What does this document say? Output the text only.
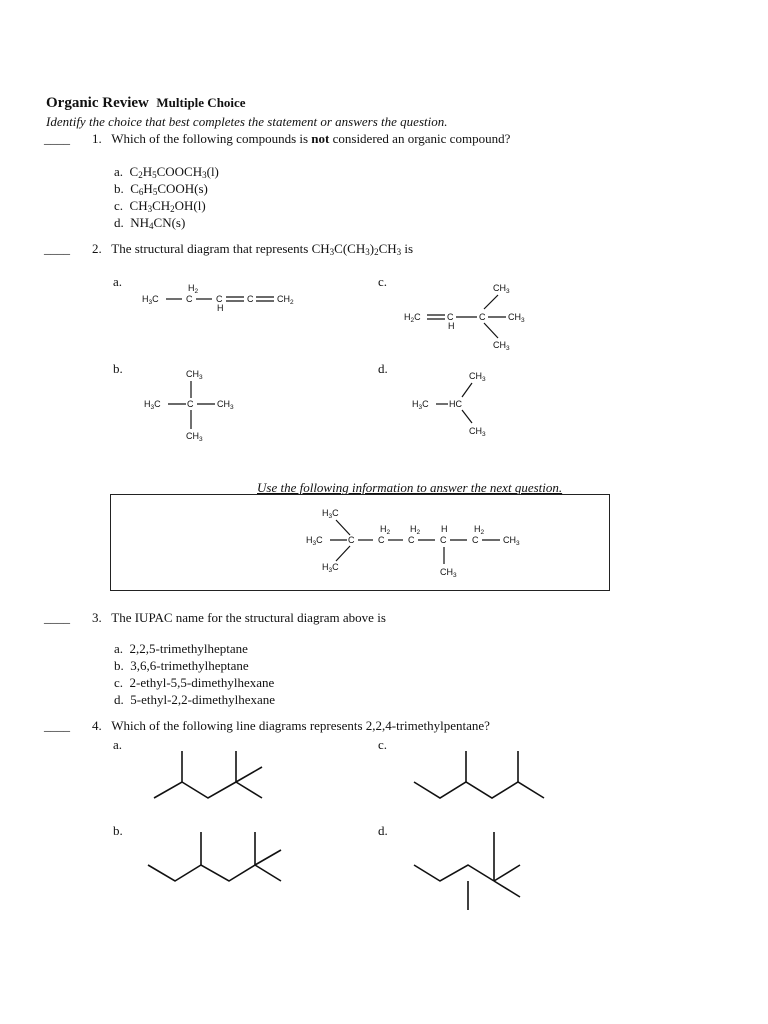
Organic Review Multiple Choice
Identify the choice that best completes the statement or answers the question.
____ 1. Which of the following compounds is not considered an organic compound?
a. $C_2H_5COOCH_3(l)$
b. $C_6H_5COOH(s)$
c. $CH_3CH_2OH(l)$
d. $NH_4CN(s)$
____ 2. The structural diagram that represents $CH_3C(CH_3)_2CH_3$ is
a.	c.
b.	d.
$H_3C$
$H_2$
C	C
H
C	$CH_2$
$CH_3$
$H_2C$	C
H
C	$CH_3$
$CH_3$
$CH_3$
$H_3C$	C	$CH_3$
$CH_3$
$CH_3$
$H_3C$ HC
$CH_3$
Use the following information to answer the next question.
$H_3C$
$H_3C$	C
$H_2$
C
$H_2$
C
H
C
$H_2$
C	$CH_3$
$H_3C$	$CH_3$
____ 3. The IUPAC name for the structural diagram above is
a. 2,2,5-trimethylheptane
b. 3,6,6-trimethylheptane
c. 2-ethyl-5,5-dimethylhexane
d. 5-ethyl-2,2-dimethylhexane
____ 4. Which of the following line diagrams represents 2,2,4-trimethylpentane?
a.	c.
b.	d.
